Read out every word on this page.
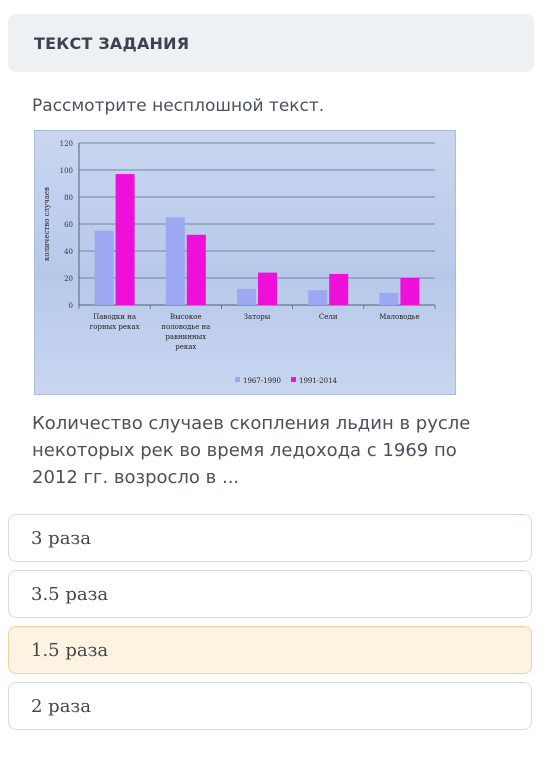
ТЕКСТ ЗАДАНИЯ
Рассмотрите несплошной текст.
0
20
40
60
80
100
120
количество случаев
Паводки на
горных реках
Высокое
половодье на
равнинных
реках
Заторы	Сели	Маловодье
1967-1990	1991-2014
Количество случаев скопления льдин в русле некоторых рек во время ледохода с 1969 по 2012 гг. возросло в ...
3 раза
3.5 раза
1.5 раза
2 раза
